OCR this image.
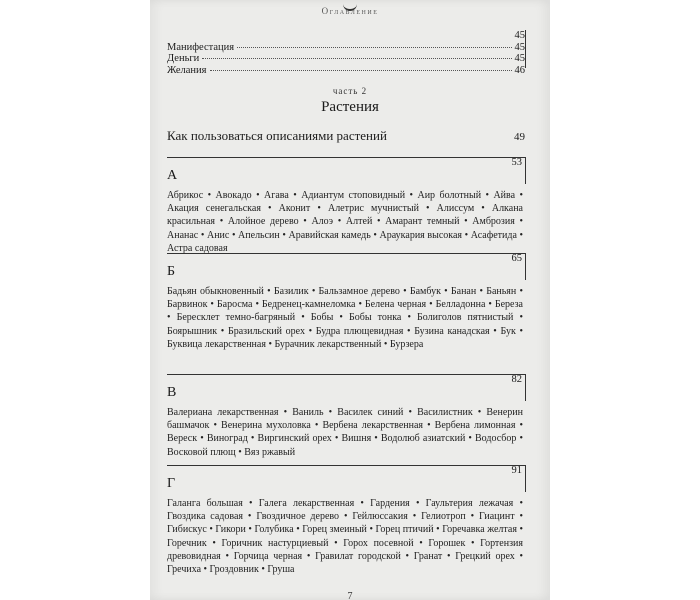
Оглавление
45
Манифестация	45
Деньги	45
Желания	46
часть 2
Растения
Как пользоваться описаниями растений	49
А
53
Абрикос • Авокадо • Агава • Адиантум стоповидный • Аир болотный • Айва • Акация сенегальская • Аконит • Алетрис мучнистый • Алиссум • Алкана красильная • Алойное дерево • Алоэ • Алтей • Амарант темный • Амброзия • Ананас • Анис • Апельсин • Аравийская камедь • Араукария высокая • Асафетида • Астра садовая
Б
65
Бадьян обыкновенный • Базилик • Бальзамное дерево • Бамбук • Банан • Баньян • Барвинок • Баросма • Бедренец-камнеломка • Белена черная • Белладонна • Береза • Бересклет темно-багряный • Бобы • Бобы тонка • Болиголов пятнистый • Боярышник • Бразильский орех • Будра плющевидная • Бузина канадская • Бук • Буквица лекарственная • Бурачник лекарственный • Бурзера
В
82
Валериана лекарственная • Ваниль • Василек синий • Василистник • Венерин башмачок • Венерина мухоловка • Вербена лекарственная • Вербена лимонная • Вереск • Виноград • Виргинский орех • Вишня • Водолюб азиатский • Водосбор • Восковой плющ • Вяз ржавый
Г
91
Галанга большая • Галега лекарственная • Гардения • Гаультерия лежачая • Гвоздика садовая • Гвоздичное дерево • Гейлюссакия • Гелиотроп • Гиацинт • Гибискус • Гикори • Голубика • Горец змеиный • Горец птичий • Горечавка желтая • Горечник • Горичник настурциевый • Горох посевной • Горошек • Гортензия древовидная • Горчица черная • Гравилат городской • Гранат • Грецкий орех • Гречиха • Гроздовник • Груша
7
